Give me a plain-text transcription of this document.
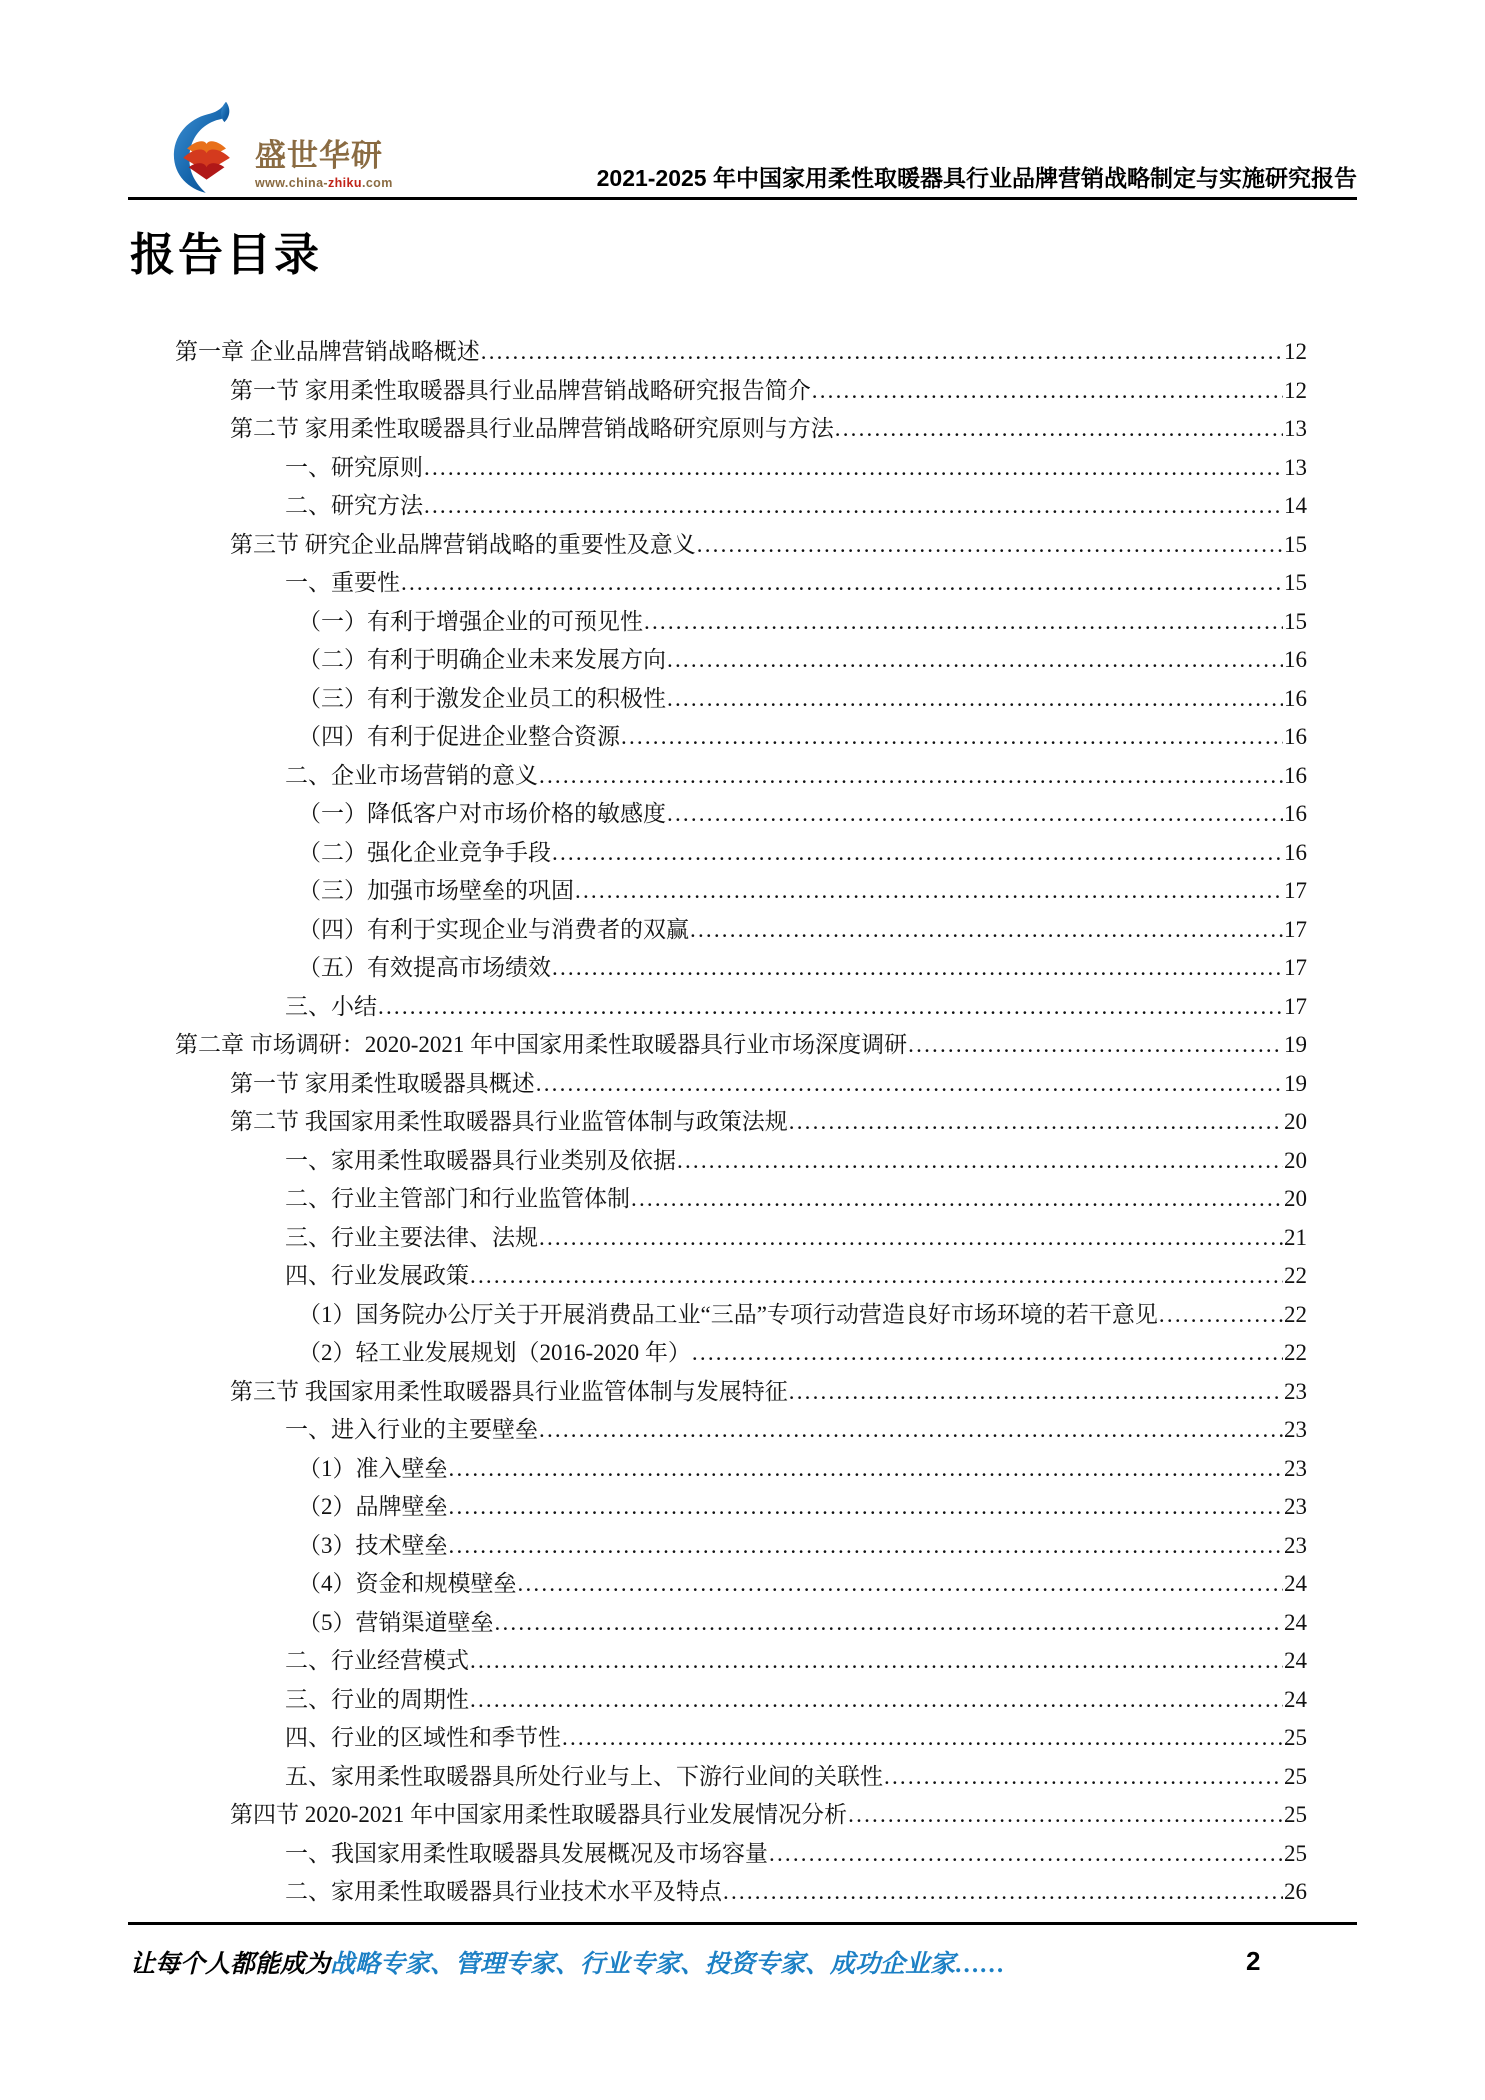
盛世华研
www.china-zhiku.com	2021-2025 年中国家用柔性取暖器具行业品牌营销战略制定与实施研究报告
报告目录
第一章 企业品牌营销战略概述 .....	12
第一节 家用柔性取暖器具行业品牌营销战略研究报告简介 .....	12
第二节 家用柔性取暖器具行业品牌营销战略研究原则与方法 .....	13
一、研究原则 .....	13
二、研究方法 .....	14
第三节 研究企业品牌营销战略的重要性及意义 .....	15
一、重要性 .....	15
（一）有利于增强企业的可预见性 .....	15
（二）有利于明确企业未来发展方向 .....	16
（三）有利于激发企业员工的积极性 .....	16
（四）有利于促进企业整合资源 .....	16
二、企业市场营销的意义 .....	16
（一）降低客户对市场价格的敏感度 .....	16
（二）强化企业竞争手段 .....	16
（三）加强市场壁垒的巩固 .....	17
（四）有利于实现企业与消费者的双赢 .....	17
（五）有效提高市场绩效 .....	17
三、小结 .....	17
第二章 市场调研：2020-2021 年中国家用柔性取暖器具行业市场深度调研 .....	19
第一节 家用柔性取暖器具概述 .....	19
第二节 我国家用柔性取暖器具行业监管体制与政策法规 .....	20
一、家用柔性取暖器具行业类别及依据 .....	20
二、行业主管部门和行业监管体制 .....	20
三、行业主要法律、法规 .....	21
四、行业发展政策 .....	22
（1）国务院办公厅关于开展消费品工业“三品”专项行动营造良好市场环境的若干意见 .....	22
（2）轻工业发展规划（2016-2020 年） .....	22
第三节 我国家用柔性取暖器具行业监管体制与发展特征 .....	23
一、进入行业的主要壁垒 .....	23
（1）准入壁垒 .....	23
（2）品牌壁垒 .....	23
（3）技术壁垒 .....	23
（4）资金和规模壁垒 .....	24
（5）营销渠道壁垒 .....	24
二、行业经营模式 .....	24
三、行业的周期性 .....	24
四、行业的区域性和季节性 .....	25
五、家用柔性取暖器具所处行业与上、下游行业间的关联性 .....	25
第四节 2020-2021 年中国家用柔性取暖器具行业发展情况分析 .....	25
一、我国家用柔性取暖器具发展概况及市场容量 .....	25
二、家用柔性取暖器具行业技术水平及特点 .....	26
让每个人都能成为战略专家、管理专家、行业专家、投资专家、成功企业家……	2
